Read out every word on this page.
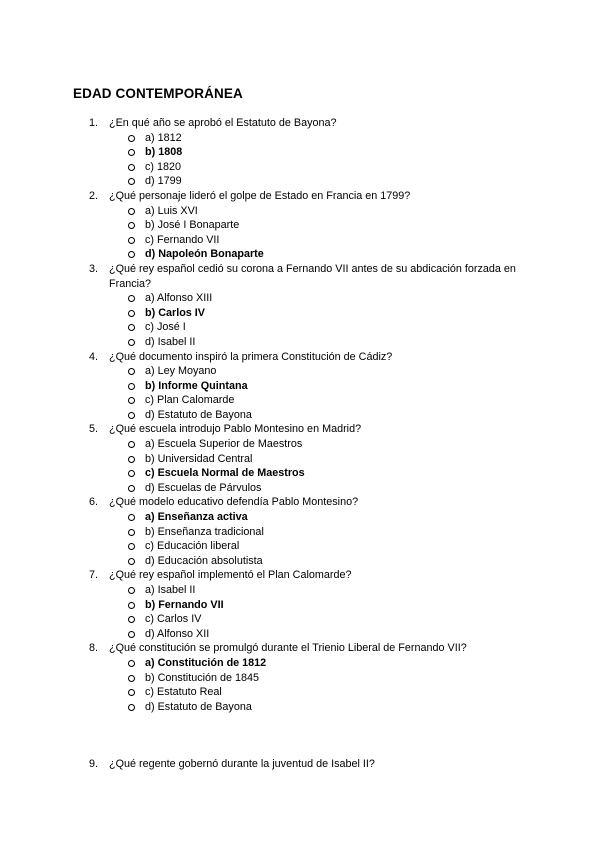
EDAD CONTEMPORÁNEA
1.	¿En qué año se aprobó el Estatuto de Bayona?
a) 1812
b) 1808
c) 1820
d) 1799
2.	¿Qué personaje lideró el golpe de Estado en Francia en 1799?
a) Luis XVI
b) José I Bonaparte
c) Fernando VII
d) Napoleón Bonaparte
3.	¿Qué rey español cedió su corona a Fernando VII antes de su abdicación forzada en Francia?
a) Alfonso XIII
b) Carlos IV
c) José I
d) Isabel II
4.	¿Qué documento inspiró la primera Constitución de Cádiz?
a) Ley Moyano
b) Informe Quintana
c) Plan Calomarde
d) Estatuto de Bayona
5.	¿Qué escuela introdujo Pablo Montesino en Madrid?
a) Escuela Superior de Maestros
b) Universidad Central
c) Escuela Normal de Maestros
d) Escuelas de Párvulos
6.	¿Qué modelo educativo defendía Pablo Montesino?
a) Enseñanza activa
b) Enseñanza tradicional
c) Educación liberal
d) Educación absolutista
7.	¿Qué rey español implementó el Plan Calomarde?
a) Isabel II
b) Fernando VII
c) Carlos IV
d) Alfonso XII
8.	¿Qué constitución se promulgó durante el Trienio Liberal de Fernando VII?
a) Constitución de 1812
b) Constitución de 1845
c) Estatuto Real
d) Estatuto de Bayona
9.	¿Qué regente gobernó durante la juventud de Isabel II?
